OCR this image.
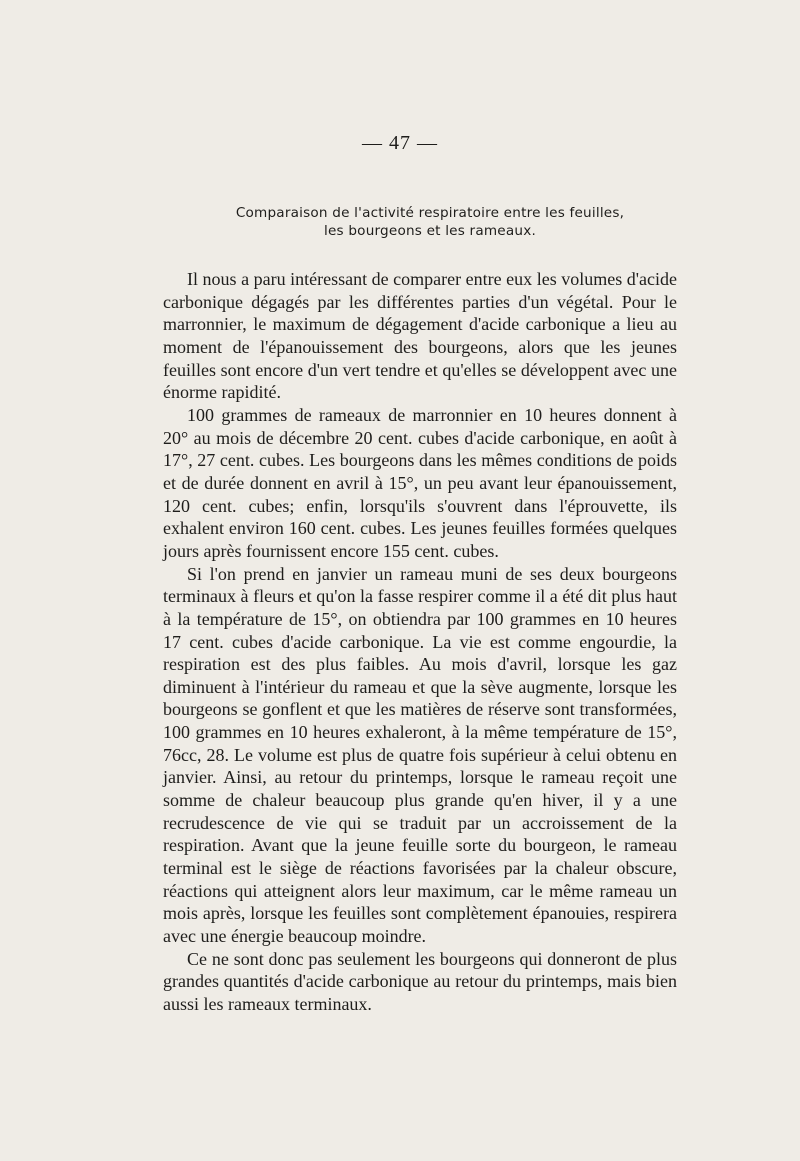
— 47 —
Comparaison de l'activité respiratoire entre les feuilles,
les bourgeons et les rameaux.

Il nous a paru intéressant de comparer entre eux les volumes d'acide carbonique dégagés par les différentes parties d'un végétal. Pour le marronnier, le maximum de dégagement d'acide carbonique a lieu au moment de l'épanouissement des bourgeons, alors que les jeunes feuilles sont encore d'un vert tendre et qu'elles se développent avec une énorme rapidité.

100 grammes de rameaux de marronnier en 10 heures donnent à 20° au mois de décembre 20 cent. cubes d'acide carbonique, en août à 17°, 27 cent. cubes. Les bourgeons dans les mêmes conditions de poids et de durée donnent en avril à 15°, un peu avant leur épanouissement, 120 cent. cubes; enfin, lorsqu'ils s'ouvrent dans l'éprouvette, ils exhalent environ 160 cent. cubes. Les jeunes feuilles formées quelques jours après fournissent encore 155 cent. cubes.

Si l'on prend en janvier un rameau muni de ses deux bourgeons terminaux à fleurs et qu'on la fasse respirer comme il a été dit plus haut à la température de 15°, on obtiendra par 100 grammes en 10 heures 17 cent. cubes d'acide carbonique. La vie est comme engourdie, la respiration est des plus faibles. Au mois d'avril, lorsque les gaz diminuent à l'intérieur du rameau et que la sève augmente, lorsque les bourgeons se gonflent et que les matières de réserve sont transformées, 100 grammes en 10 heures exhaleront, à la même température de 15°, 76cc, 28. Le volume est plus de quatre fois supérieur à celui obtenu en janvier. Ainsi, au retour du printemps, lorsque le rameau reçoit une somme de chaleur beaucoup plus grande qu'en hiver, il y a une recrudescence de vie qui se traduit par un accroissement de la respiration. Avant que la jeune feuille sorte du bourgeon, le rameau terminal est le siège de réactions favorisées par la chaleur obscure, réactions qui atteignent alors leur maximum, car le même rameau un mois après, lorsque les feuilles sont complètement épanouies, respirera avec une énergie beaucoup moindre.

Ce ne sont donc pas seulement les bourgeons qui donneront de plus grandes quantités d'acide carbonique au retour du printemps, mais bien aussi les rameaux terminaux.
